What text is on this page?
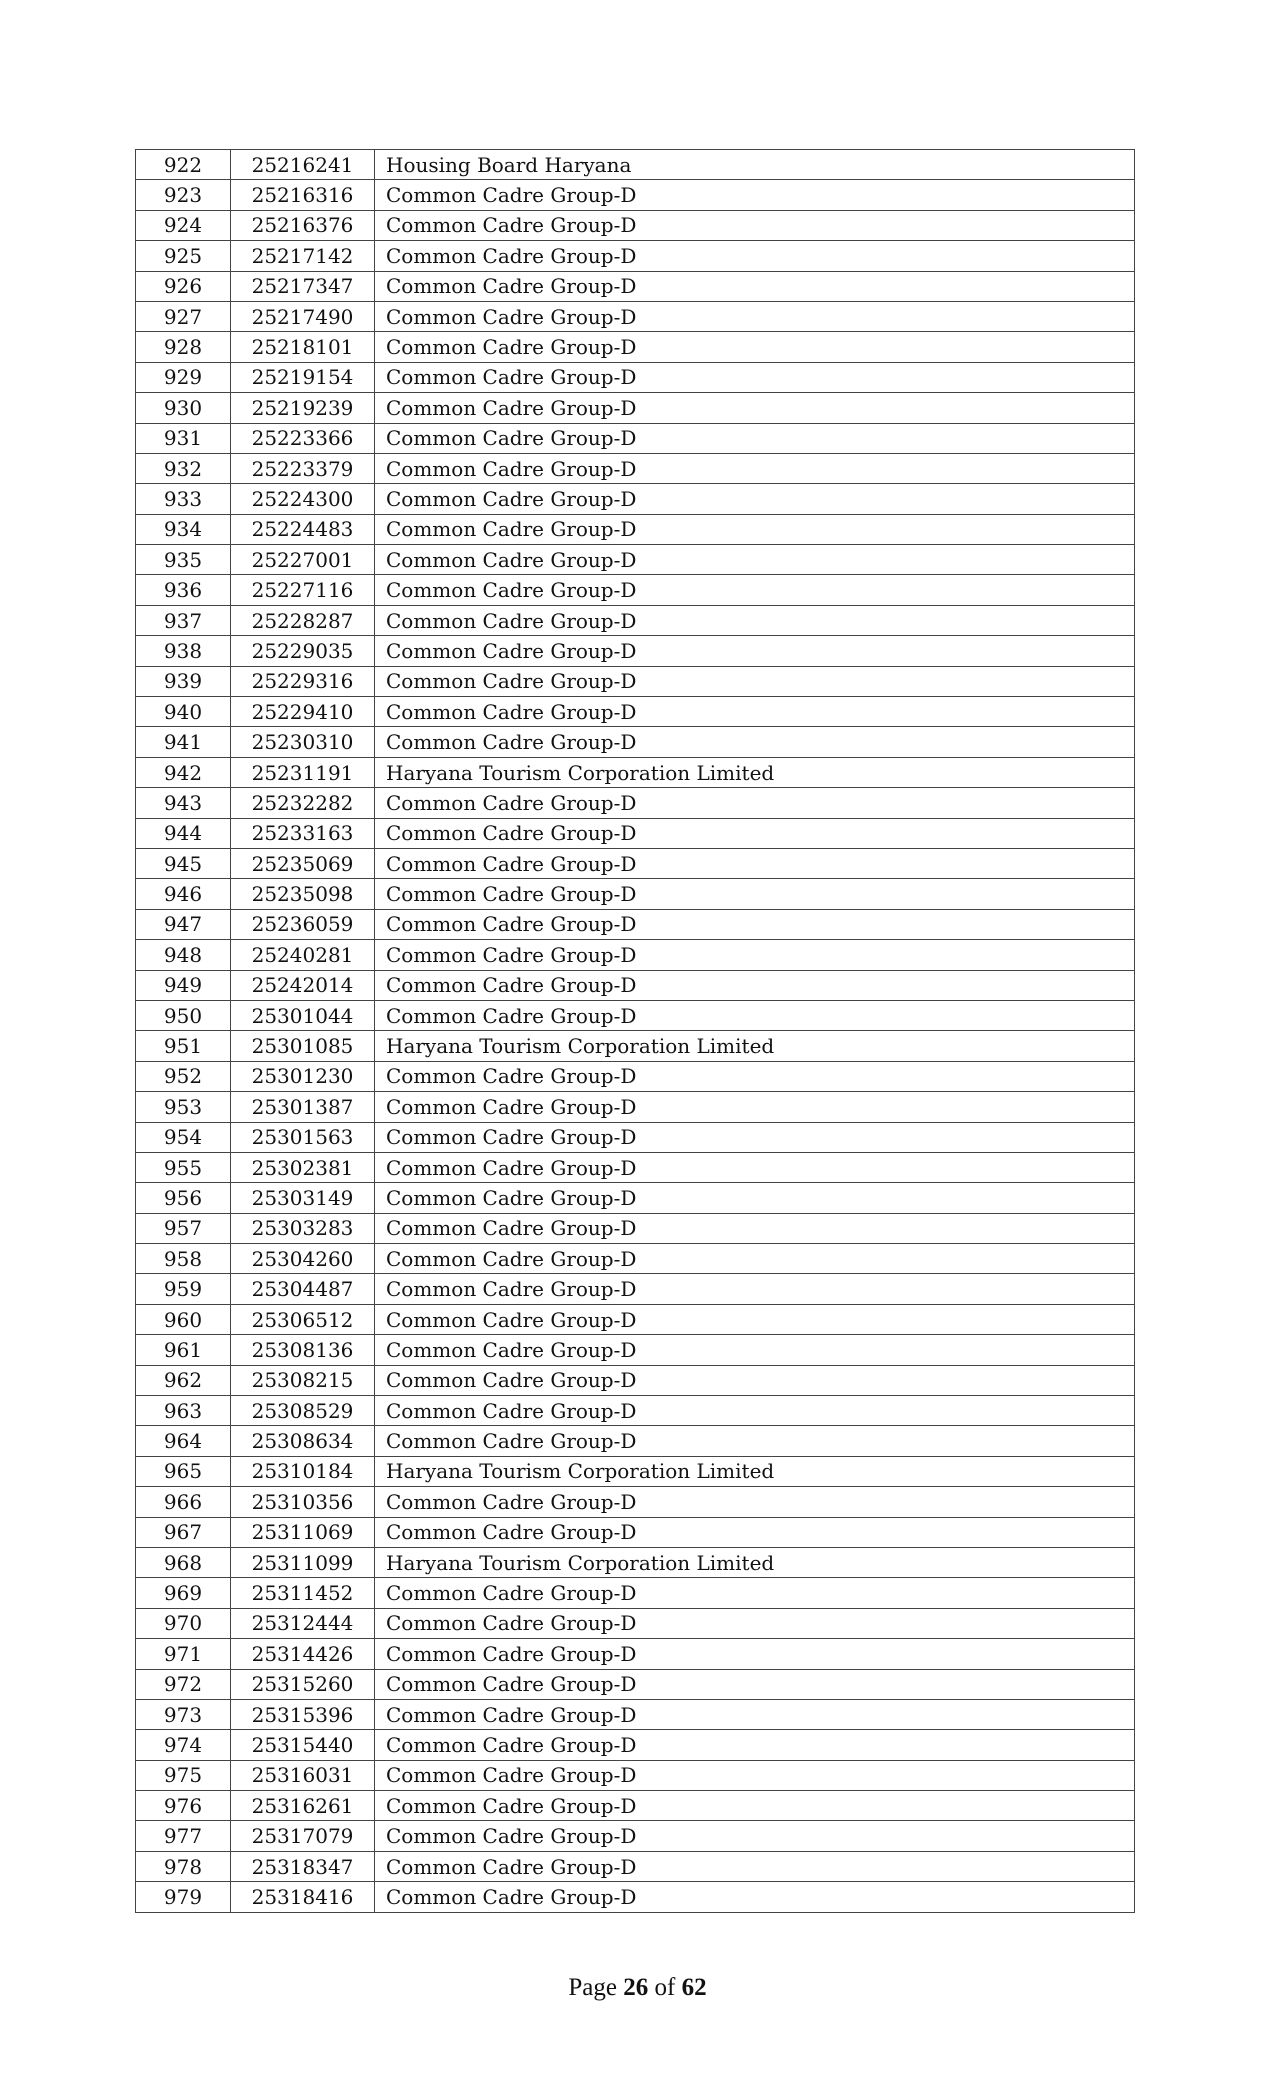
922	25216241	Housing Board Haryana
923	25216316	Common Cadre Group-D
924	25216376	Common Cadre Group-D
925	25217142	Common Cadre Group-D
926	25217347	Common Cadre Group-D
927	25217490	Common Cadre Group-D
928	25218101	Common Cadre Group-D
929	25219154	Common Cadre Group-D
930	25219239	Common Cadre Group-D
931	25223366	Common Cadre Group-D
932	25223379	Common Cadre Group-D
933	25224300	Common Cadre Group-D
934	25224483	Common Cadre Group-D
935	25227001	Common Cadre Group-D
936	25227116	Common Cadre Group-D
937	25228287	Common Cadre Group-D
938	25229035	Common Cadre Group-D
939	25229316	Common Cadre Group-D
940	25229410	Common Cadre Group-D
941	25230310	Common Cadre Group-D
942	25231191	Haryana Tourism Corporation Limited
943	25232282	Common Cadre Group-D
944	25233163	Common Cadre Group-D
945	25235069	Common Cadre Group-D
946	25235098	Common Cadre Group-D
947	25236059	Common Cadre Group-D
948	25240281	Common Cadre Group-D
949	25242014	Common Cadre Group-D
950	25301044	Common Cadre Group-D
951	25301085	Haryana Tourism Corporation Limited
952	25301230	Common Cadre Group-D
953	25301387	Common Cadre Group-D
954	25301563	Common Cadre Group-D
955	25302381	Common Cadre Group-D
956	25303149	Common Cadre Group-D
957	25303283	Common Cadre Group-D
958	25304260	Common Cadre Group-D
959	25304487	Common Cadre Group-D
960	25306512	Common Cadre Group-D
961	25308136	Common Cadre Group-D
962	25308215	Common Cadre Group-D
963	25308529	Common Cadre Group-D
964	25308634	Common Cadre Group-D
965	25310184	Haryana Tourism Corporation Limited
966	25310356	Common Cadre Group-D
967	25311069	Common Cadre Group-D
968	25311099	Haryana Tourism Corporation Limited
969	25311452	Common Cadre Group-D
970	25312444	Common Cadre Group-D
971	25314426	Common Cadre Group-D
972	25315260	Common Cadre Group-D
973	25315396	Common Cadre Group-D
974	25315440	Common Cadre Group-D
975	25316031	Common Cadre Group-D
976	25316261	Common Cadre Group-D
977	25317079	Common Cadre Group-D
978	25318347	Common Cadre Group-D
979	25318416	Common Cadre Group-D
Page 26 of 62
